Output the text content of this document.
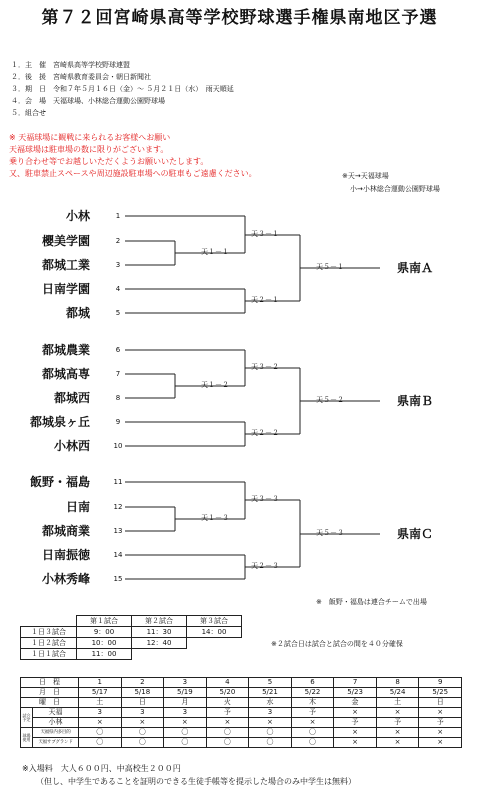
第７２回宮崎県高等学校野球選手権県南地区予選
１．主　催　宮崎県高等学校野球連盟
２．後　援　宮崎県教育委員会・朝日新聞社
３．期　日　令和７年５月１６日（金）～ ５月２１日（水）　雨天順延
４．会　場　天福球場、小林総合運動公園野球場
５．組合せ
※ 天福球場に観戦に来られるお客様へお願い
天福球場は駐車場の数に限りがございます。
乗り合わせ等でお越しいただくようお願いいたします。
又、駐車禁止スペースや周辺施設駐車場への駐車もご遠慮ください。	※天→天福球場
小→小林総合運動公園野球場
小林	1
櫻美学園	2
都城工業	3
日南学園	4
都城	5
天１－１
天３－１
天２－１
天５－１	県南Ａ
都城農業	6
都城高専	7
都城西	8
都城泉ヶ丘	9
小林西	10
天１－２
天３－２
天２－２
天５－２	県南Ｂ
飯野・福島	11
日南	12
都城商業	13
日南振徳	14
小林秀峰	15
天１－３
天３－３
天２－３
天５－３	県南Ｃ
※　飯野・福島は連合チームで出場
	第１試合	第２試合	第３試合
１日３試合	9：00	11：30	14：00
１日２試合	10：00	12：40	
１日１試合	11：00		
※２試合日は試合と試合の間を４０分確保
日　程		1	2	3	4	5	6	7	8	9
月　日		5/17	5/18	5/19	5/20	5/21	5/22	5/23	5/24	5/25
曜　日		土	日	月	火	水	木	金	土	日
試合予定	天福	3	3	3	予	3	予	×	×	×
	小林	×	×	×	×	×	×	予	予	予
球場使用	天福県内多目的	〇	〇	〇	〇	〇	〇	×	×	×
	天福サブグランド	〇	〇	〇	〇	〇	〇	×	×	×
※入場料　大人６００円、中高校生２００円
（但し、中学生であることを証明のできる生徒手帳等を提示した場合のみ中学生は無料）
